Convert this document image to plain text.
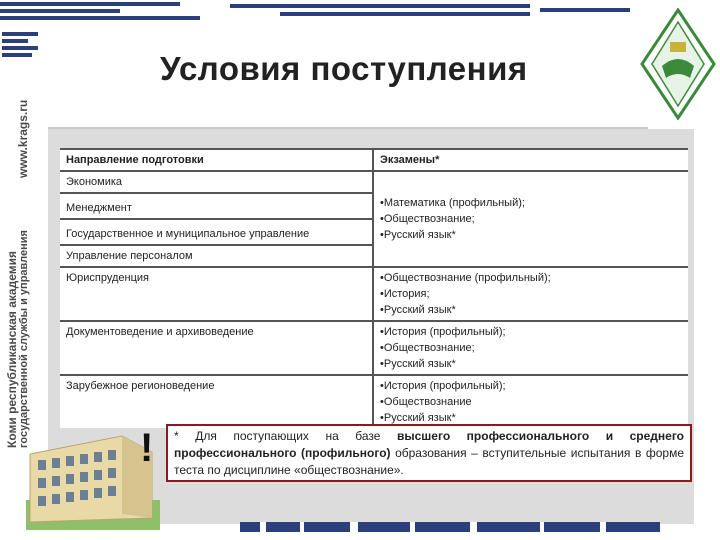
www.krags.ru
Коми республиканская академия государственной службы и управления
Условия поступления
Направление подготовки	Экзамены*
Экономика	•Математика (профильный);
•Обществознание;
•Русский язык*

Менеджмент	
Государственное и муниципальное управление	
Управление персоналом	
Юриспруденция	•Обществознание (профильный);
•История;
•Русский язык*

Документоведение и архивоведение	•История (профильный);
•Обществознание;
•Русский язык*

Зарубежное регионоведение	•История (профильный);
•Обществознание
•Русский язык*
!	* Для поступающих на базе высшего профессионального и среднего профессионального (профильного) образования – вступительные испытания в форме теста по дисциплине «обществознание».
